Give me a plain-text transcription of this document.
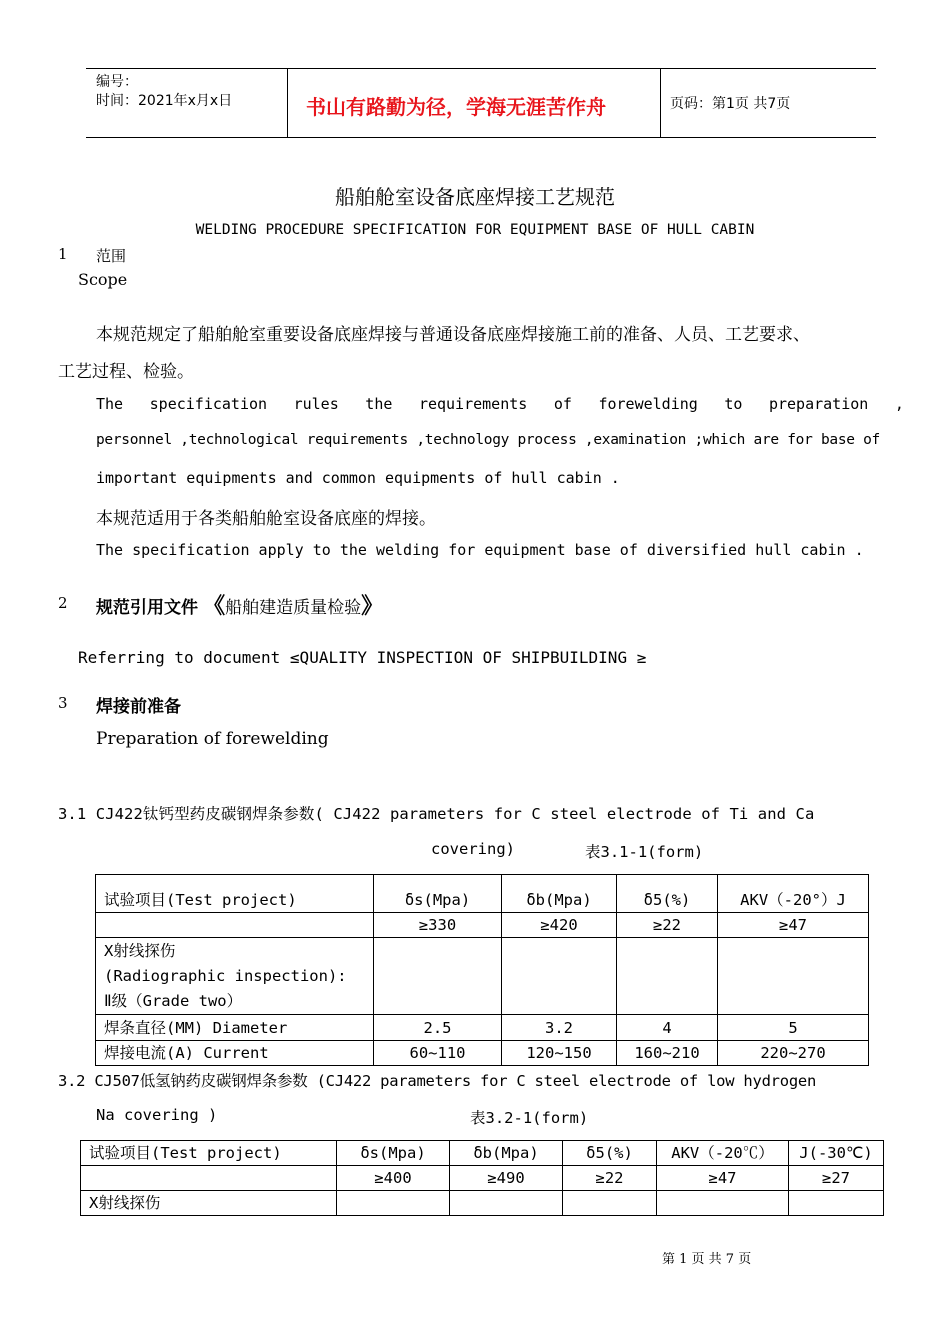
编号：
时间：2021年x月x日	书山有路勤为径，学海无涯苦作舟	页码：第1页 共7页
船舶舱室设备底座焊接工艺规范
WELDING PROCEDURE SPECIFICATION FOR EQUIPMENT BASE OF HULL CABIN
1 范围
Scope
本规范规定了船舶舱室重要设备底座焊接与普通设备底座焊接施工前的准备、人员、工艺要求、
工艺过程、检验。
The specification rules the requirements of forewelding to preparation ,
personnel ,technological requirements ,technology process ,examination ;which are for base of
important equipments and common equipments of hull cabin .
本规范适用于各类船舶舱室设备底座的焊接。
The specification apply to the welding for equipment base of diversified hull cabin .
2 规范引用文件 《船舶建造质量检验》
Referring to document ≤QUALITY INSPECTION OF SHIPBUILDING ≥
3 焊接前准备
Preparation of forewelding
3.1 CJ422钛钙型药皮碳钢焊条参数( CJ422 parameters for C steel electrode of Ti and Ca
covering)	表3.1-1(form)
试验项目(Test project)	δs(Mpa)	δb(Mpa)	δ5(%)	AKV（-20°）J
	≥330	≥420	≥22	≥47

X射线探伤
(Radiographic inspection):
Ⅱ级（Grade two）				

焊条直径(MM) Diameter	2.5	3.2	4	5
焊接电流(A) Current	60~110	120~150	160~210	220~270
3.2 CJ507低氢钠药皮碳钢焊条参数 (CJ422 parameters for C steel electrode of low hydrogen
Na covering )	表3.2-1(form)
试验项目(Test project)	δs(Mpa)	δb(Mpa)	δ5(%)	AKV（-20℃）	J(-30℃)
	≥400	≥490	≥22	≥47	≥27
X射线探伤					
第 1 页 共 7 页
